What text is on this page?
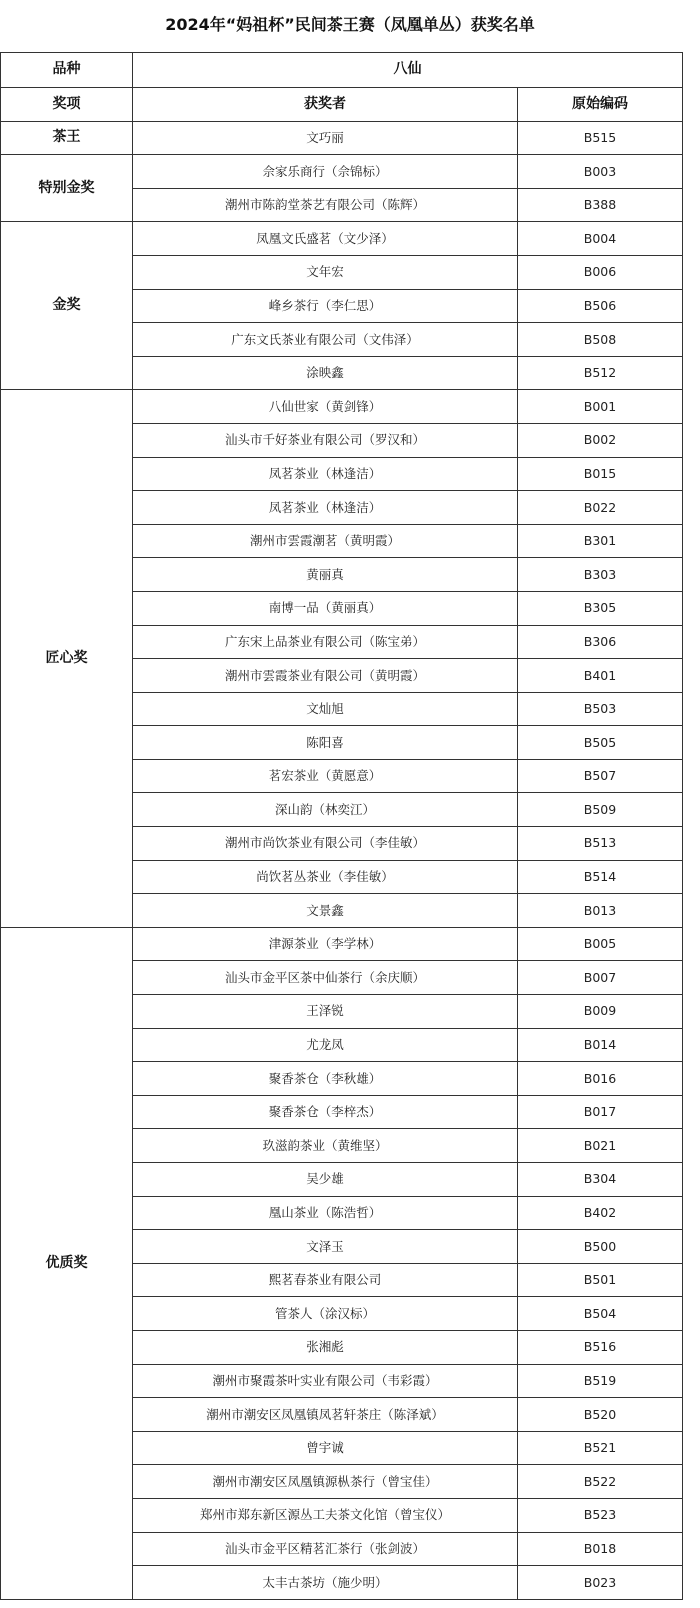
2024年“妈祖杯”民间茶王赛（凤凰单丛）获奖名单
品种	八仙	
奖项	获奖者	原始编码
茶王	文巧丽	B515
特别金奖	佘家乐商行（佘锦标）	B003
	潮州市陈韵堂茶艺有限公司（陈辉）	B388
金奖	凤凰文氏盛茗（文少泽）	B004
	文年宏	B006
	峰乡茶行（李仁思）	B506
	广东文氏茶业有限公司（文伟泽）	B508
	涂映鑫	B512
匠心奖	八仙世家（黄剑锋）	B001
	汕头市千好茶业有限公司（罗汉和）	B002
	凤茗茶业（林逢洁）	B015
	凤茗茶业（林逢洁）	B022
	潮州市雲霞潮茗（黄明霞）	B301
	黄丽真	B303
	南博一品（黄丽真）	B305
	广东宋上品茶业有限公司（陈宝弟）	B306
	潮州市雲霞茶业有限公司（黄明霞）	B401
	文灿旭	B503
	陈阳喜	B505
	茗宏茶业（黄愿意）	B507
	深山韵（林奕江）	B509
	潮州市尚饮茶业有限公司（李佳敏）	B513
	尚饮茗丛茶业（李佳敏）	B514
	文景鑫	B013
优质奖	津源茶业（李学林）	B005
	汕头市金平区茶中仙茶行（余庆顺）	B007
	王泽锐	B009
	尤龙凤	B014
	聚香茶仓（李秋雄）	B016
	聚香茶仓（李梓杰）	B017
	玖滋韵茶业（黄维坚）	B021
	吴少雄	B304
	凰山茶业（陈浩哲）	B402
	文泽玉	B500
	熙茗春茶业有限公司	B501
	管茶人（涂汉标）	B504
	张湘彪	B516
	潮州市聚霞茶叶实业有限公司（韦彩霞）	B519
	潮州市潮安区凤凰镇凤茗轩茶庄（陈泽斌）	B520
	曾宇诚	B521
	潮州市潮安区凤凰镇源枞茶行（曾宝佳）	B522
	郑州市郑东新区源丛工夫茶文化馆（曾宝仪）	B523
	汕头市金平区精茗汇茶行（张剑波）	B018
	太丰古茶坊（施少明）	B023
